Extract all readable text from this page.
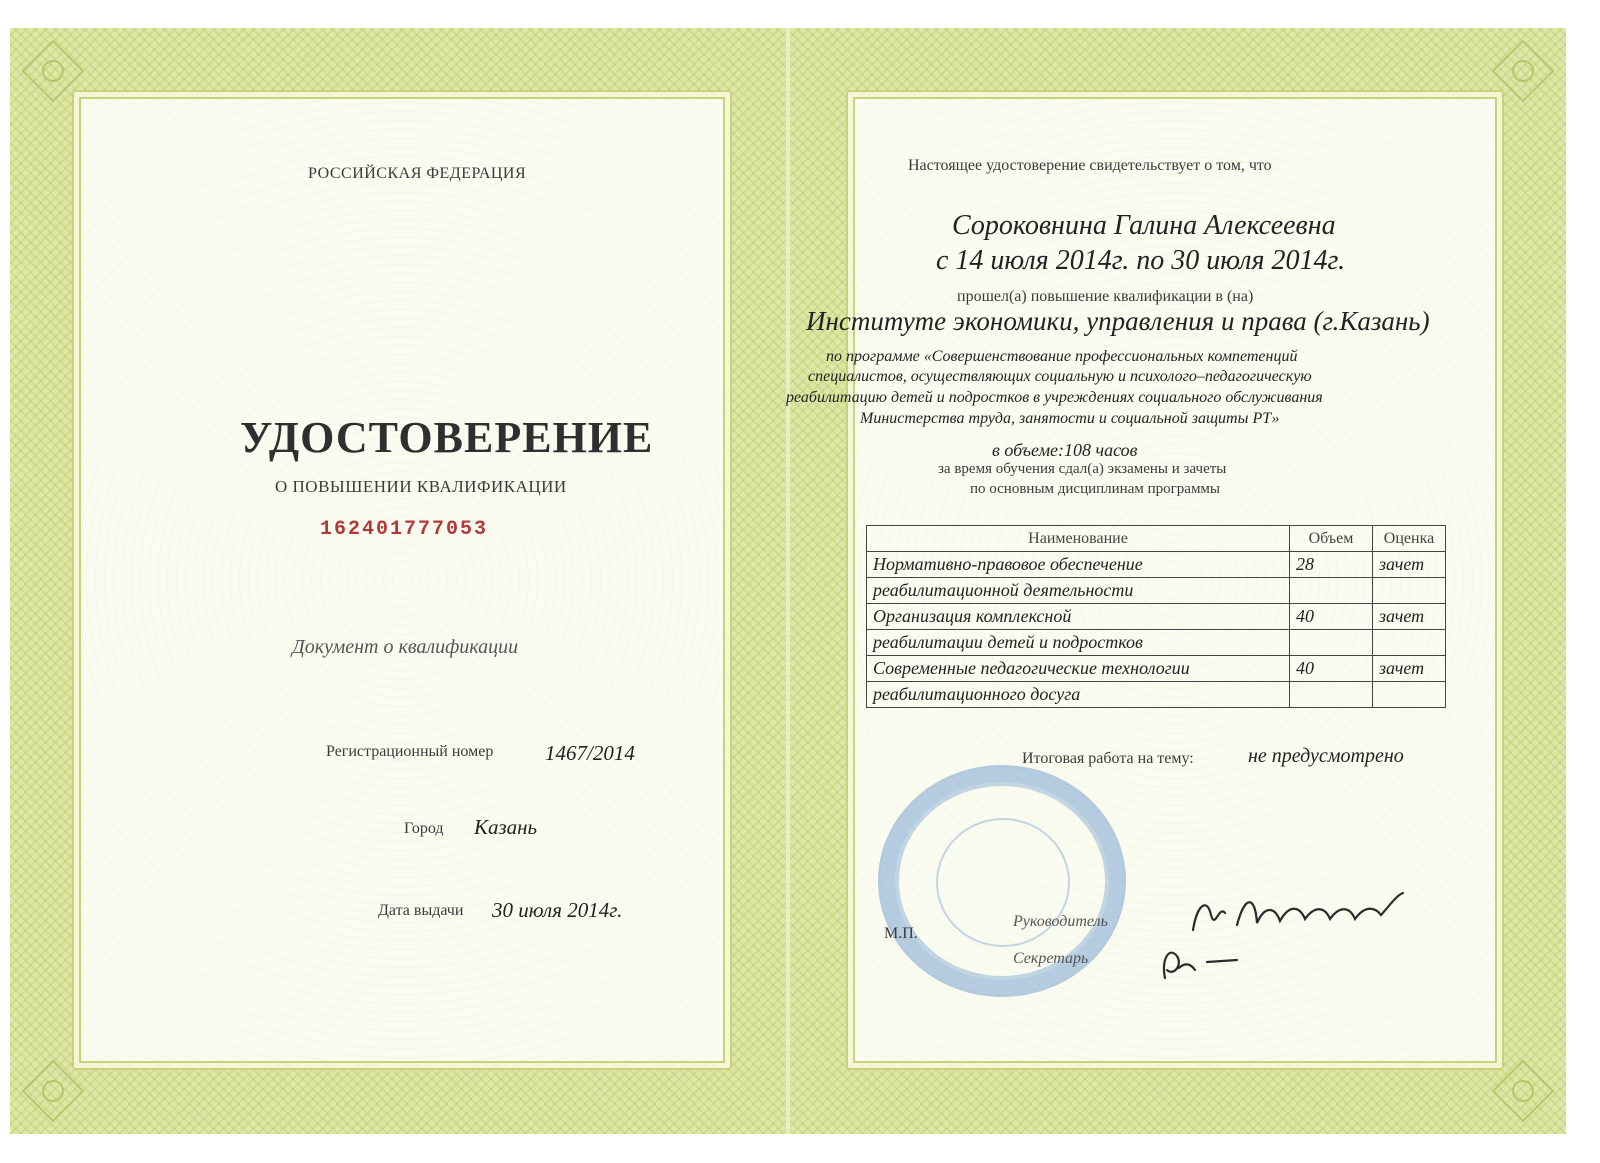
РОССИЙСКАЯ ФЕДЕРАЦИЯ
УДОСТОВЕРЕНИЕ
О ПОВЫШЕНИИ КВАЛИФИКАЦИИ
162401777053
Документ о квалификации
Регистрационный номер 1467/2014
Город Казань
Дата выдачи 30 июля 2014г.
Настоящее удостоверение свидетельствует о том, что
Сороковнина Галина Алексеевна
с 14 июля 2014г. по 30 июля 2014г.
прошел(а) повышение квалификации в (на)
Институте экономики, управления и права (г.Казань)
по программе «Совершенствование профессиональных компетенций
специалистов, осуществляющих социальную и психолого–педагогическую
реабилитацию детей и подростков в учреждениях социального обслуживания
Министерства труда, занятости и социальной защиты РТ»
в объеме:108 часов
за время обучения сдал(а) экзамены и зачеты
по основным дисциплинам программы
Наименование	Объем	Оценка
Нормативно-правовое обеспечение	28	зачет
реабилитационной деятельности		
Организация комплексной	40	зачет
реабилитации детей и подростков		
Современные педагогические технологии	40	зачет
реабилитационного досуга		
Итоговая работа на тему:	не предусмотрено
М.П.
Руководитель
Секретарь
